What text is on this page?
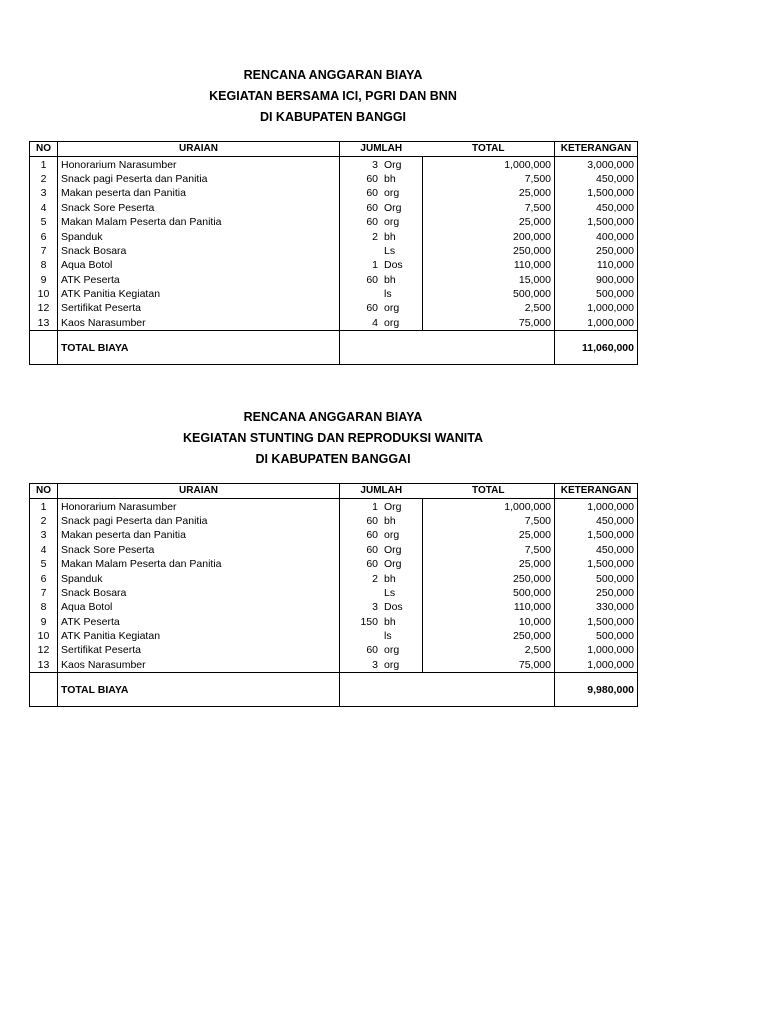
RENCANA ANGGARAN BIAYA
KEGIATAN BERSAMA ICI, PGRI DAN BNN
DI KABUPATEN BANGGI
NO	URAIAN	JUMLAH	TOTAL	KETERANGAN
1	Honorarium Narasumber	3 Org	1,000,000	3,000,000
2	Snack pagi Peserta dan Panitia	60 bh	7,500	450,000
3	Makan peserta dan Panitia	60 org	25,000	1,500,000
4	Snack Sore Peserta	60 Org	7,500	450,000
5	Makan Malam Peserta dan Panitia	60 org	25,000	1,500,000
6	Spanduk	2 bh	200,000	400,000
7	Snack Bosara	Ls	250,000	250,000
8	Aqua Botol	1 Dos	110,000	110,000
9	ATK Peserta	60 bh	15,000	900,000
10	ATK Panitia Kegiatan	ls	500,000	500,000
12	Sertifikat Peserta	60 org	2,500	1,000,000
13	Kaos Narasumber	4 org	75,000	1,000,000
	TOTAL BIAYA			11,060,000
RENCANA ANGGARAN BIAYA
KEGIATAN STUNTING DAN REPRODUKSI WANITA
DI KABUPATEN BANGGAI
NO	URAIAN	JUMLAH	TOTAL	KETERANGAN
1	Honorarium Narasumber	1 Org	1,000,000	1,000,000
2	Snack pagi Peserta dan Panitia	60 bh	7,500	450,000
3	Makan peserta dan Panitia	60 org	25,000	1,500,000
4	Snack Sore Peserta	60 Org	7,500	450,000
5	Makan Malam Peserta dan Panitia	60 Org	25,000	1,500,000
6	Spanduk	2 bh	250,000	500,000
7	Snack Bosara	Ls	500,000	250,000
8	Aqua Botol	3 Dos	110,000	330,000
9	ATK Peserta	150 bh	10,000	1,500,000
10	ATK Panitia Kegiatan	ls	250,000	500,000
12	Sertifikat Peserta	60 org	2,500	1,000,000
13	Kaos Narasumber	3 org	75,000	1,000,000
	TOTAL BIAYA			9,980,000
